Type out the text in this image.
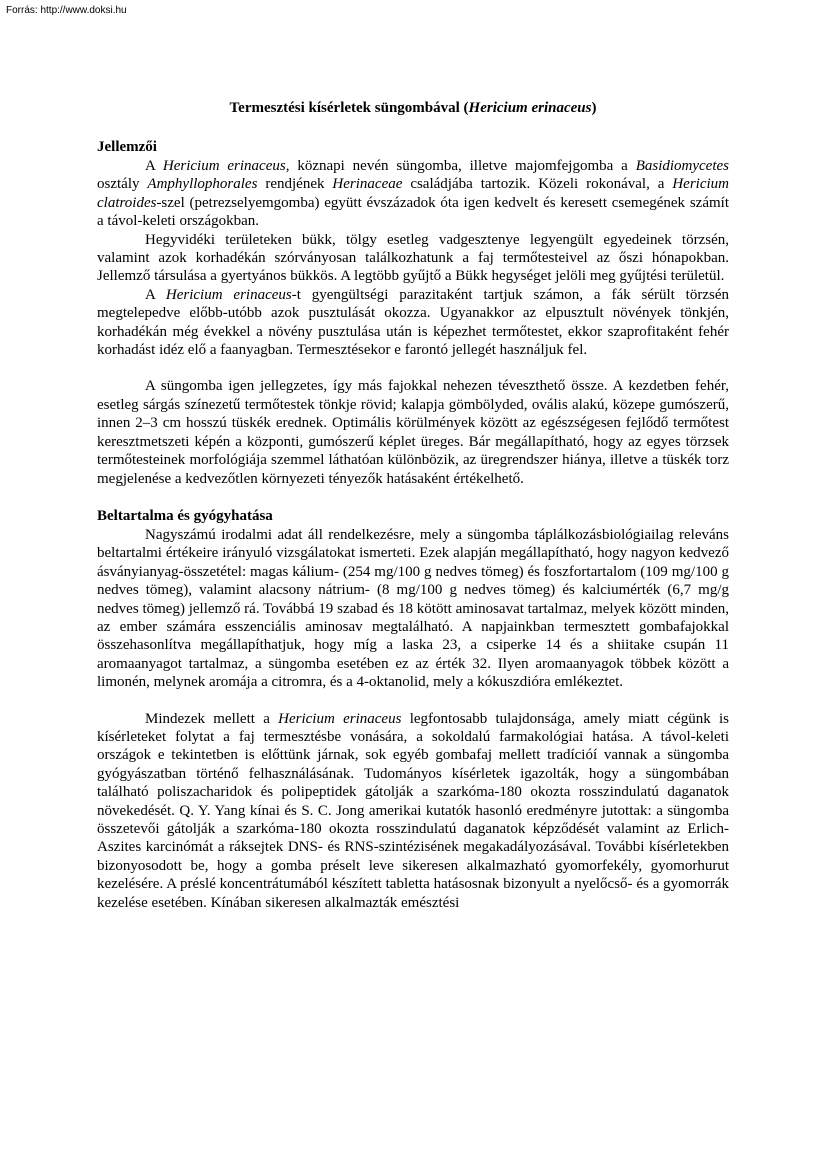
Forrás: http://www.doksi.hu
Termesztési kísérletek süngombával (Hericium erinaceus)
Jellemzői

A Hericium erinaceus, köznapi nevén süngomba, illetve majomfejgomba a Basidiomycetes osztály Amphyllophorales rendjének Herinaceae családjába tartozik. Közeli rokonával, a Hericium clatroides-szel (petrezselyemgomba) együtt évszázadok óta igen kedvelt és keresett csemegének számít a távol-keleti országokban.

Hegyvidéki területeken bükk, tölgy esetleg vadgesztenye legyengült egyedeinek törzsén, valamint azok korhadékán szórványosan találkozhatunk a faj termőtesteivel az őszi hónapokban. Jellemző társulása a gyertyános bükkös. A legtöbb gyűjtő a Bükk hegységet jelöli meg gyűjtési területül.

A Hericium erinaceus-t gyengültségi parazitaként tartjuk számon, a fák sérült törzsén megtelepedve előbb-utóbb azok pusztulását okozza. Ugyanakkor az elpusztult növények tönkjén, korhadékán még évekkel a növény pusztulása után is képezhet termőtestet, ekkor szaprofitaként fehér korhadást idéz elő a faanyagban. Termesztésekor e farontó jellegét használjuk fel.

A süngomba igen jellegzetes, így más fajokkal nehezen téveszthető össze. A kezdetben fehér, esetleg sárgás színezetű termőtestek tönkje rövid; kalapja gömbölyded, ovális alakú, közepe gumószerű, innen 2–3 cm hosszú tüskék erednek. Optimális körülmények között az egészségesen fejlődő termőtest keresztmetszeti képén a központi, gumószerű képlet üreges. Bár megállapítható, hogy az egyes törzsek termőtesteinek morfológiája szemmel láthatóan különbözik, az üregrendszer hiánya, illetve a tüskék torz megjelenése a kedvezőtlen környezeti tényezők hatásaként értékelhető.

Beltartalma és gyógyhatása

Nagyszámú irodalmi adat áll rendelkezésre, mely a süngomba táplálkozásbiológiailag releváns beltartalmi értékeire irányuló vizsgálatokat ismerteti. Ezek alapján megállapítható, hogy nagyon kedvező ásványianyag-összetétel: magas kálium- (254 mg/100 g nedves tömeg) és foszfortartalom (109 mg/100 g nedves tömeg), valamint alacsony nátrium- (8 mg/100 g nedves tömeg) és kalciumérték (6,7 mg/g nedves tömeg) jellemző rá. Továbbá 19 szabad és 18 kötött aminosavat tartalmaz, melyek között minden, az ember számára esszenciális aminosav megtalálható. A napjainkban termesztett gombafajokkal összehasonlítva megállapíthatjuk, hogy míg a laska 23, a csiperke 14 és a shiitake csupán 11 aromaanyagot tartalmaz, a süngomba esetében ez az érték 32. Ilyen aromaanyagok többek között a limonén, melynek aromája a citromra, és a 4-oktanolid, mely a kókuszdióra emlékeztet.

Mindezek mellett a Hericium erinaceus legfontosabb tulajdonsága, amely miatt cégünk is kísérleteket folytat a faj termesztésbe vonására, a sokoldalú farmakológiai hatása. A távol-keleti országok e tekintetben is előttünk járnak, sok egyéb gombafaj mellett tradícióí vannak a süngomba gyógyászatban történő felhasználásának. Tudományos kísérletek igazolták, hogy a süngombában található poliszacharidok és polipeptidek gátolják a szarkóma-180 okozta rosszindulatú daganatok növekedését. Q. Y. Yang kínai és S. C. Jong amerikai kutatók hasonló eredményre jutottak: a süngomba összetevői gátolják a szarkóma-180 okozta rosszindulatú daganatok képződését valamint az Erlich-Aszites karcinómát a ráksejtek DNS- és RNS-szintézisének megakadályozásával. További kísérletekben bizonyosodott be, hogy a gomba préselt leve sikeresen alkalmazható gyomorfekély, gyomorhurut kezelésére. A préslé koncentrátumából készített tabletta hatásosnak bizonyult a nyelőcső- és a gyomorrák kezelése esetében. Kínában sikeresen alkalmazták emésztési
